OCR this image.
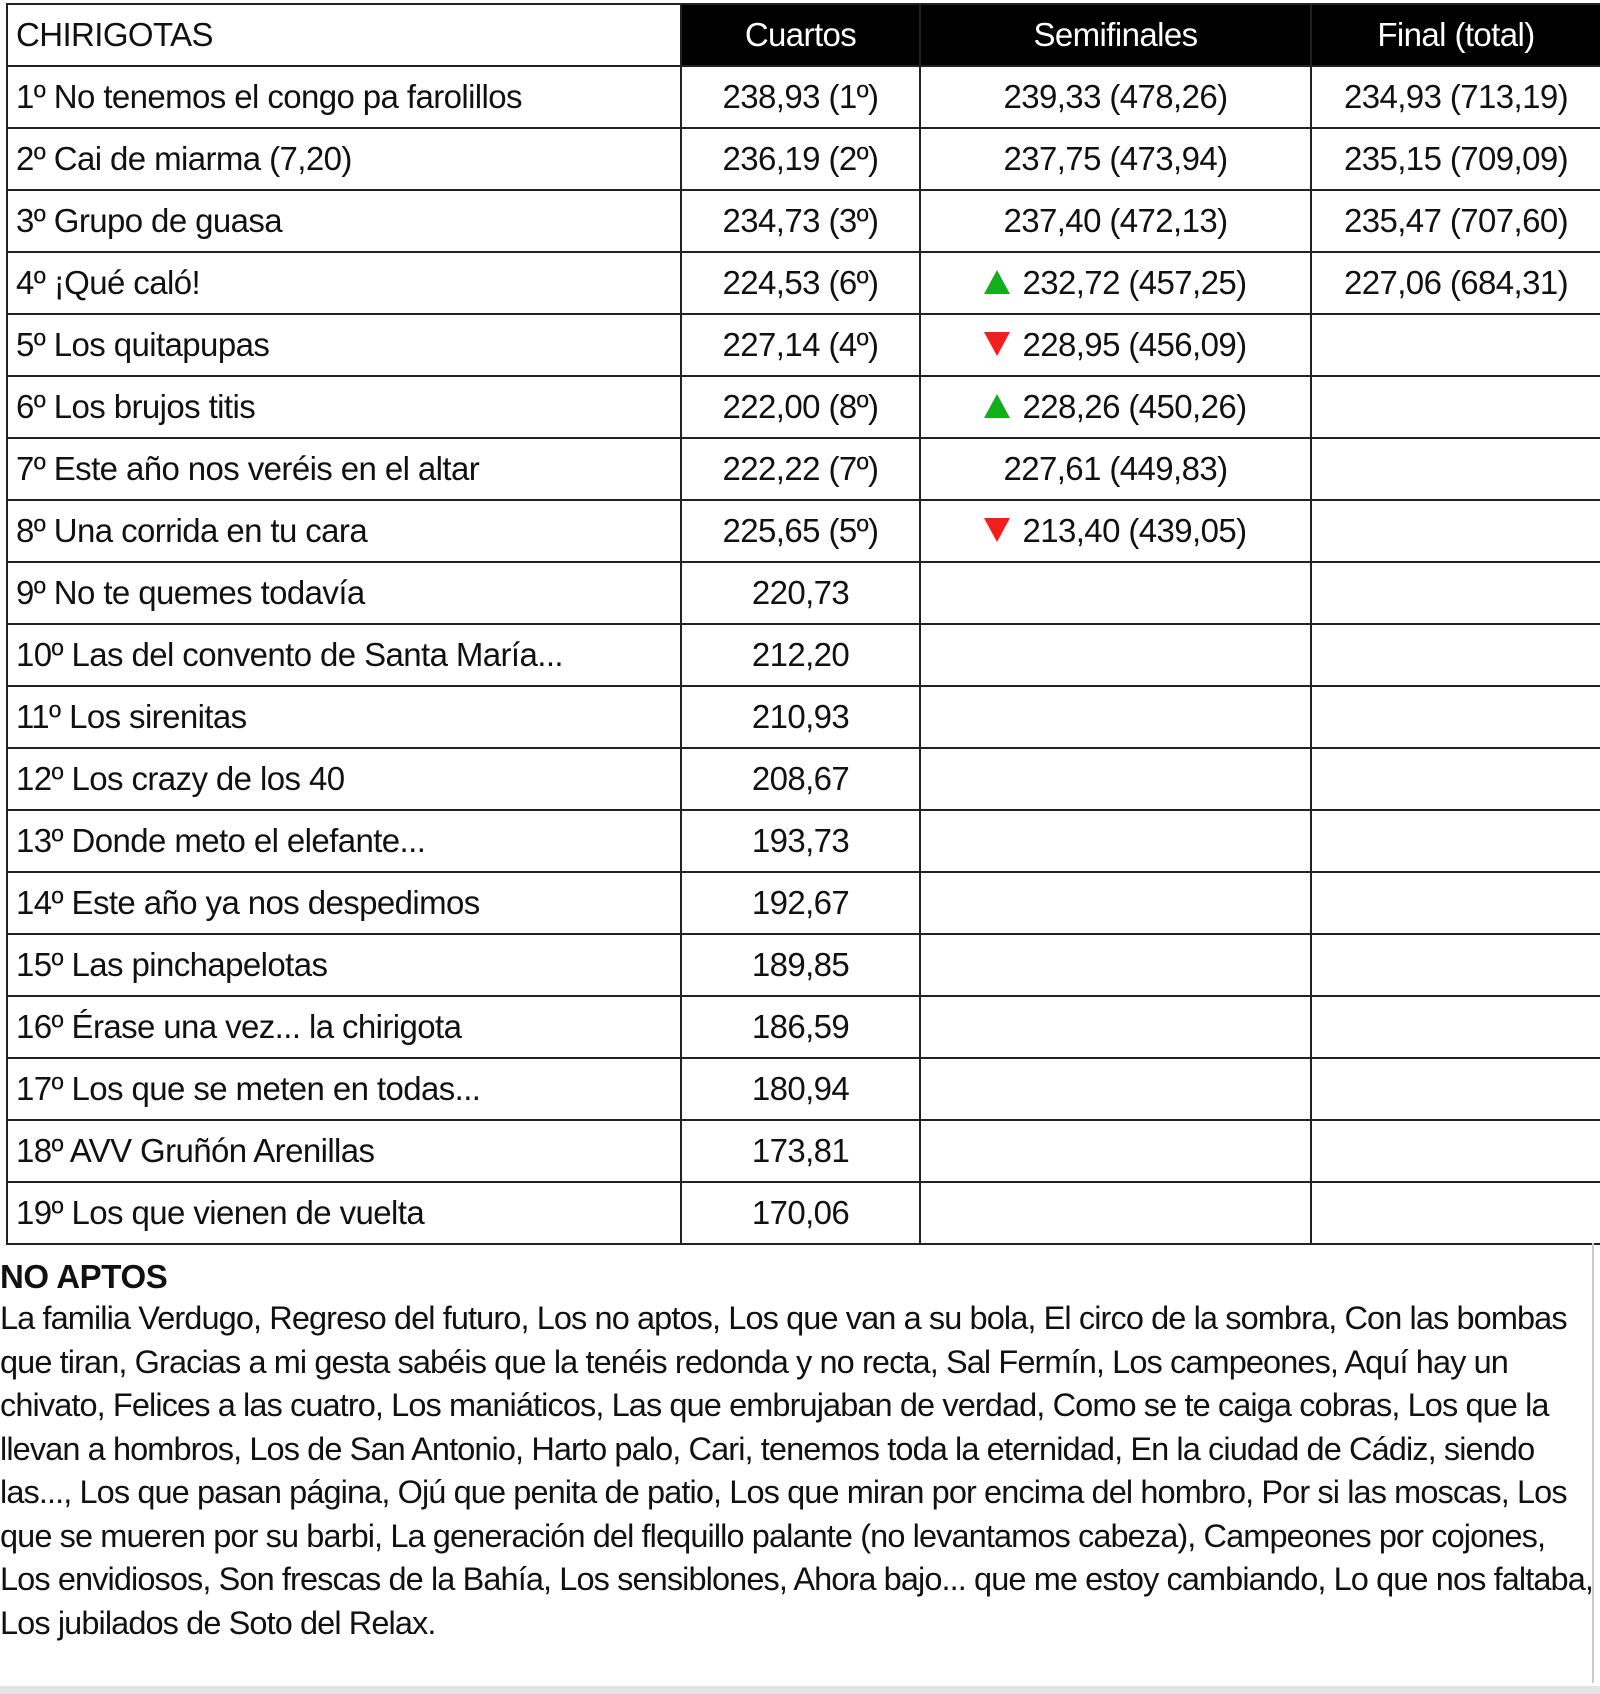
CHIRIGOTAS	Cuartos	Semifinales	Final (total)
1º No tenemos el congo pa farolillos	238,93 (1º)	239,33 (478,26)	234,93 (713,19)
2º Cai de miarma (7,20)	236,19 (2º)	237,75 (473,94)	235,15 (709,09)
3º Grupo de guasa	234,73 (3º)	237,40 (472,13)	235,47 (707,60)
4º ¡Qué caló!	224,53 (6º)	232,72 (457,25)	227,06 (684,31)
5º Los quitapupas	227,14 (4º)	228,95 (456,09)	
6º Los brujos titis	222,00 (8º)	228,26 (450,26)	
7º Este año nos veréis en el altar	222,22 (7º)	227,61 (449,83)	
8º Una corrida en tu cara	225,65 (5º)	213,40 (439,05)	
9º No te quemes todavía	220,73		
10º Las del convento de Santa María...	212,20		
11º Los sirenitas	210,93		
12º Los crazy de los 40	208,67		
13º Donde meto el elefante...	193,73		
14º Este año ya nos despedimos	192,67		
15º Las pinchapelotas	189,85		
16º Érase una vez... la chirigota	186,59		
17º Los que se meten en todas...	180,94		
18º AVV Gruñón Arenillas	173,81		
19º Los que vienen de vuelta	170,06		
NO APTOS

La familia Verdugo, Regreso del futuro, Los no aptos, Los que van a su bola, El circo de la sombra, Con las bombas que tiran, Gracias a mi gesta sabéis que la tenéis redonda y no recta, Sal Fermín, Los campeones, Aquí hay un chivato, Felices a las cuatro, Los maniáticos, Las que embrujaban de verdad, Como se te caiga cobras, Los que la llevan a hombros, Los de San Antonio, Harto palo, Cari, tenemos toda la eternidad, En la ciudad de Cádiz, siendo las..., Los que pasan página, Ojú que penita de patio, Los que miran por encima del hombro, Por si las moscas, Los que se mueren por su barbi, La generación del flequillo palante (no levantamos cabeza), Campeones por cojones, Los envidiosos, Son frescas de la Bahía, Los sensiblones, Ahora bajo... que me estoy cambiando, Lo que nos faltaba, Los jubilados de Soto del Relax.
